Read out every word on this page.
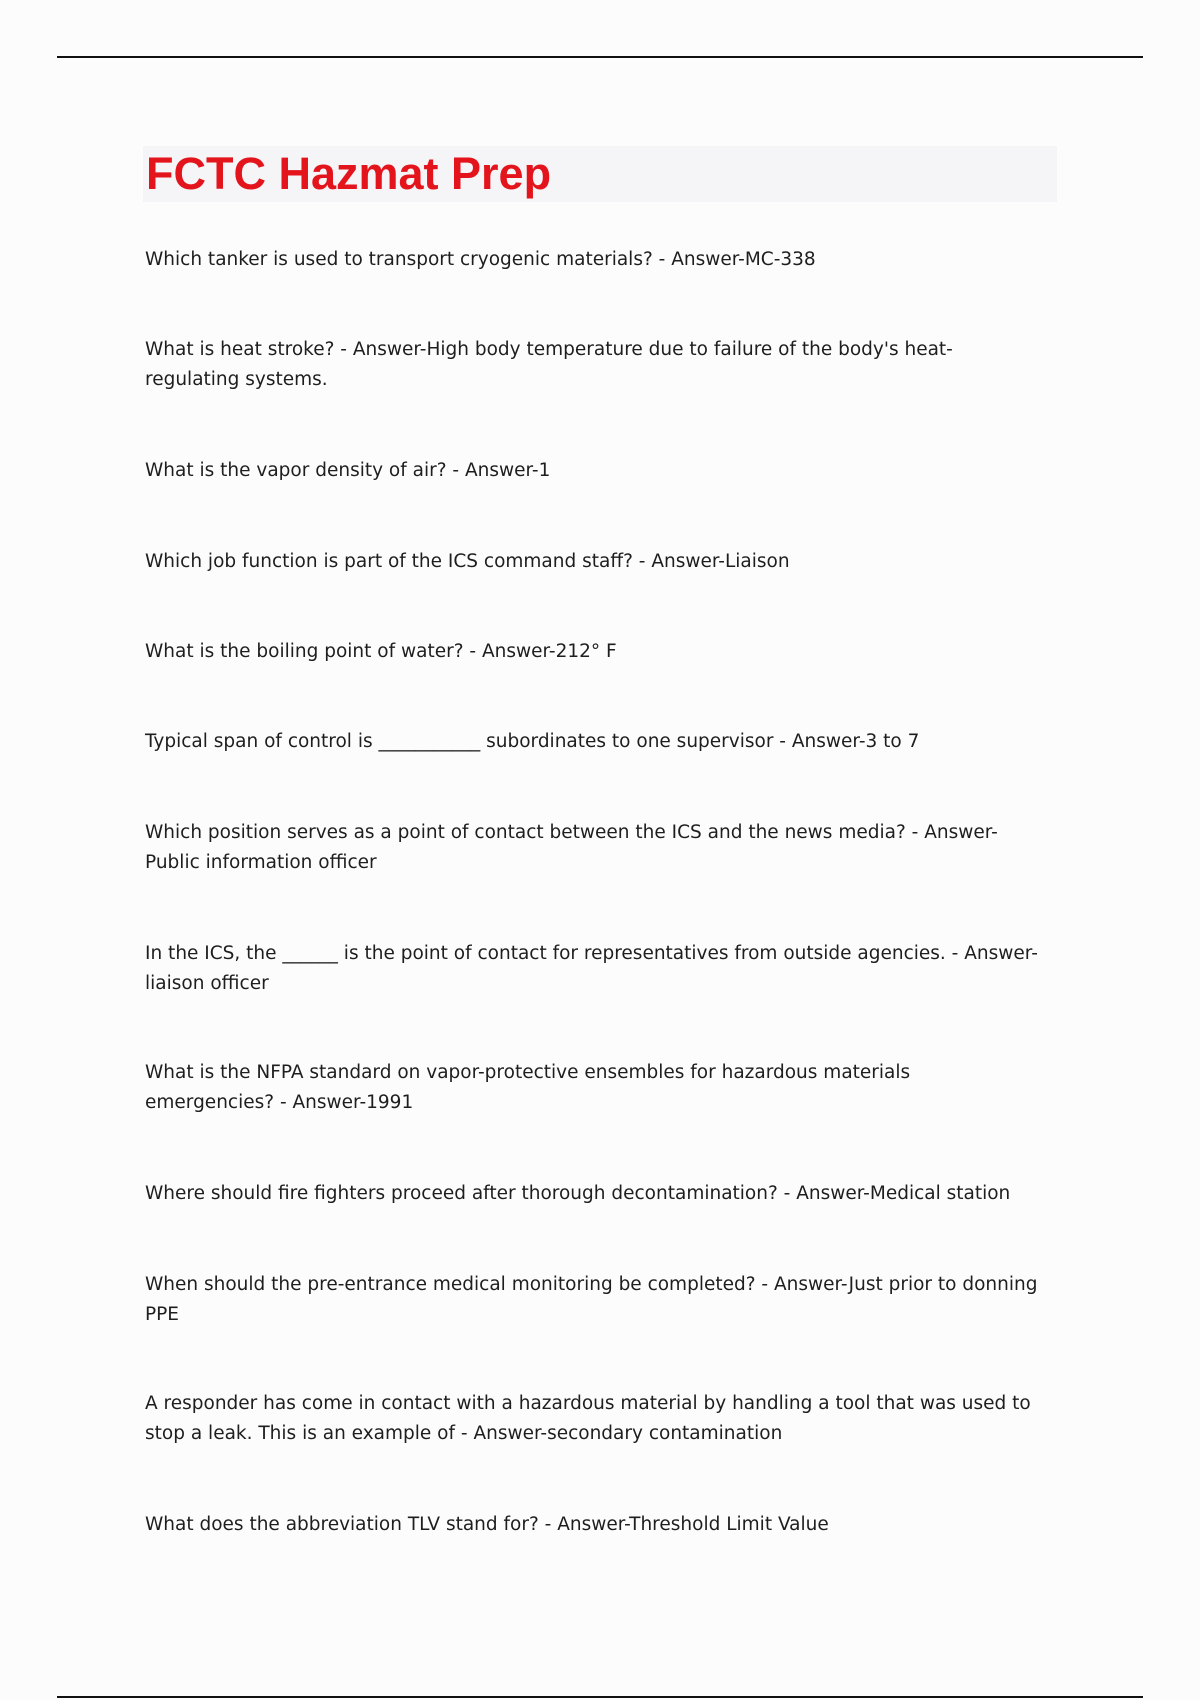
FCTC Hazmat Prep
Which tanker is used to transport cryogenic materials? - Answer-MC-338
What is heat stroke? - Answer-High body temperature due to failure of the body's heat-regulating systems.
What is the vapor density of air? - Answer-1
Which job function is part of the ICS command staff? - Answer-Liaison
What is the boiling point of water? - Answer-212° F
Typical span of control is ___________ subordinates to one supervisor - Answer-3 to 7
Which position serves as a point of contact between the ICS and the news media? - Answer-Public information officer
In the ICS, the ______ is the point of contact for representatives from outside agencies. - Answer-liaison officer
What is the NFPA standard on vapor-protective ensembles for hazardous materials emergencies? - Answer-1991
Where should fire fighters proceed after thorough decontamination? - Answer-Medical station
When should the pre-entrance medical monitoring be completed? - Answer-Just prior to donning PPE
A responder has come in contact with a hazardous material by handling a tool that was used to stop a leak. This is an example of - Answer-secondary contamination
What does the abbreviation TLV stand for? - Answer-Threshold Limit Value
